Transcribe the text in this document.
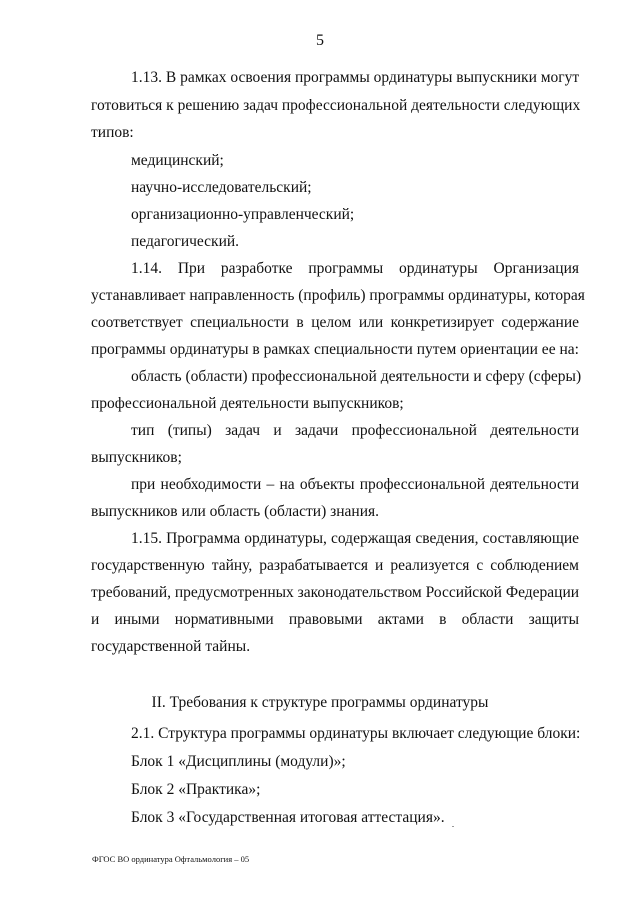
5
1.13. В рамках освоения программы ординатуры выпускники могут
готовиться к решению задач профессиональной деятельности следующих
типов:
медицинский;
научно-исследовательский;
организационно-управленческий;
педагогический.
1.14. При разработке программы ординатуры Организация
устанавливает направленность (профиль) программы ординатуры, которая
соответствует специальности в целом или конкретизирует содержание
программы ординатуры в рамках специальности путем ориентации ее на:
область (области) профессиональной деятельности и сферу (сферы)
профессиональной деятельности выпускников;
тип (типы) задач и задачи профессиональной деятельности
выпускников;
при необходимости – на объекты профессиональной деятельности
выпускников или область (области) знания.
1.15. Программа ординатуры, содержащая сведения, составляющие
государственную тайну, разрабатывается и реализуется с соблюдением
требований, предусмотренных законодательством Российской Федерации
и иными нормативными правовыми актами в области защиты
государственной тайны.
II. Требования к структуре программы ординатуры
2.1. Структура программы ординатуры включает следующие блоки:
Блок 1 «Дисциплины (модули)»;
Блок 2 «Практика»;
Блок 3 «Государственная итоговая аттестация».
ФГОС ВО ординатура Офтальмология – 05
